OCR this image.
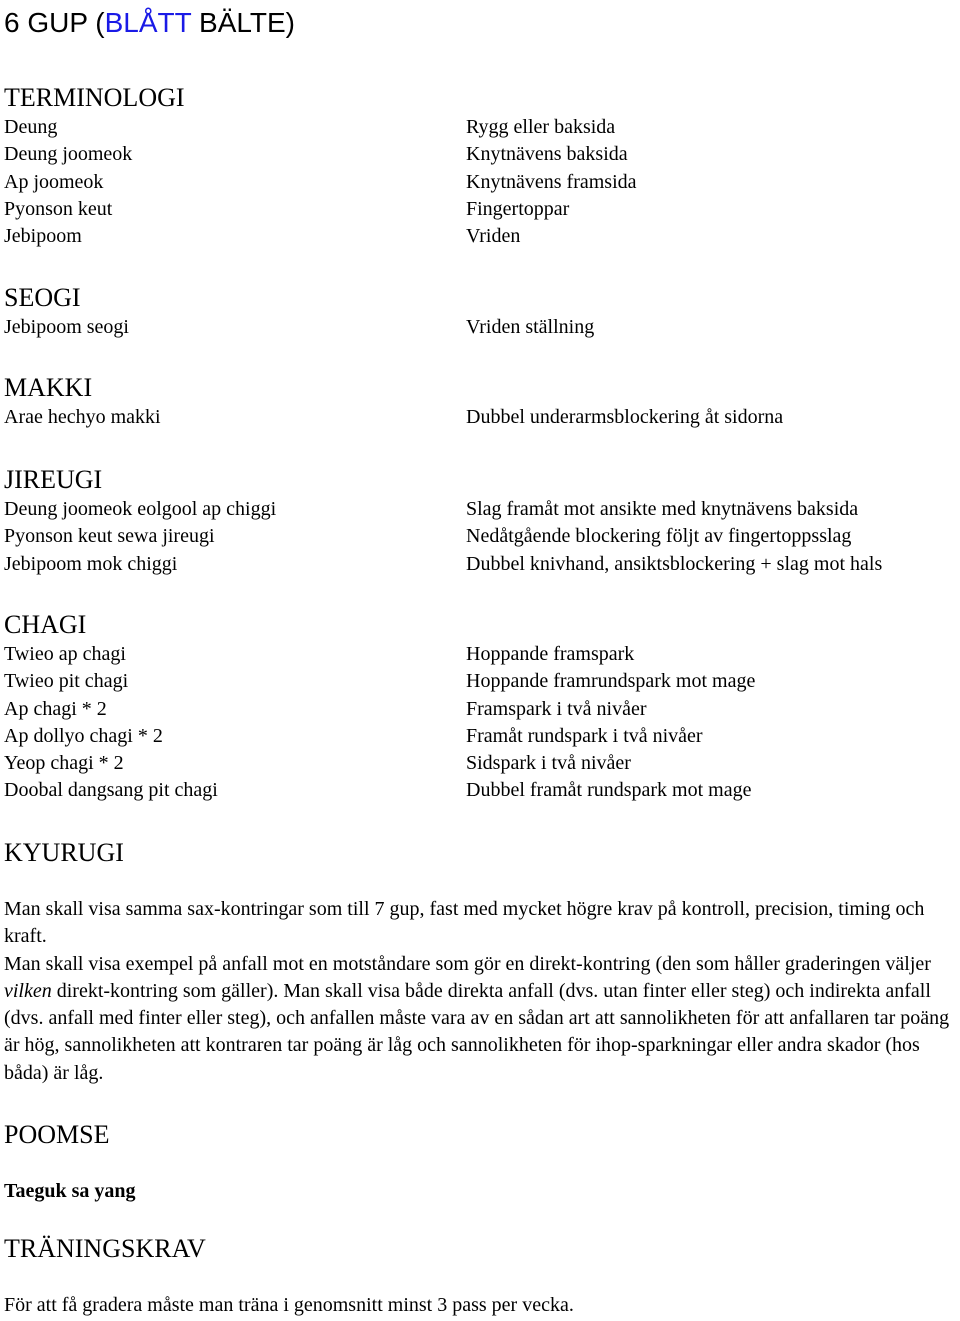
6 GUP (BLÅTT BÄLTE)
TERMINOLOGI
Deung
Deung joomeok
Ap joomeok
Pyonson keut
Jebipoom
Rygg eller baksida
Knytnävens baksida
Knytnävens framsida
Fingertoppar
Vriden
SEOGI
Jebipoom seogi	Vriden ställning
MAKKI
Arae hechyo makki	Dubbel underarmsblockering åt sidorna
JIREUGI
Deung joomeok eolgool ap chiggi
Pyonson keut sewa jireugi
Jebipoom mok chiggi
Slag framåt mot ansikte med knytnävens baksida
Nedåtgående blockering följt av fingertoppsslag
Dubbel knivhand, ansiktsblockering + slag mot hals
CHAGI
Twieo ap chagi
Twieo pit chagi
Ap chagi * 2
Ap dollyo chagi * 2
Yeop chagi * 2
Doobal dangsang pit chagi
Hoppande framspark
Hoppande framrundspark mot mage
Framspark i två nivåer
Framåt rundspark i två nivåer
Sidspark i två nivåer
Dubbel framåt rundspark mot mage
KYURUGI
Man skall visa samma sax-kontringar som till 7 gup, fast med mycket högre krav på kontroll, precision, timing och kraft.
Man skall visa exempel på anfall mot en motståndare som gör en direkt-kontring (den som håller graderingen väljer vilken direkt-kontring som gäller). Man skall visa både direkta anfall (dvs. utan finter eller steg) och indirekta anfall (dvs. anfall med finter eller steg), och anfallen måste vara av en sådan art att sannolikheten för att anfallaren tar poäng är hög, sannolikheten att kontraren tar poäng är låg och sannolikheten för ihop-sparkningar eller andra skador (hos båda) är låg.
POOMSE
Taeguk sa yang
TRÄNINGSKRAV
För att få gradera måste man träna i genomsnitt minst 3 pass per vecka.
